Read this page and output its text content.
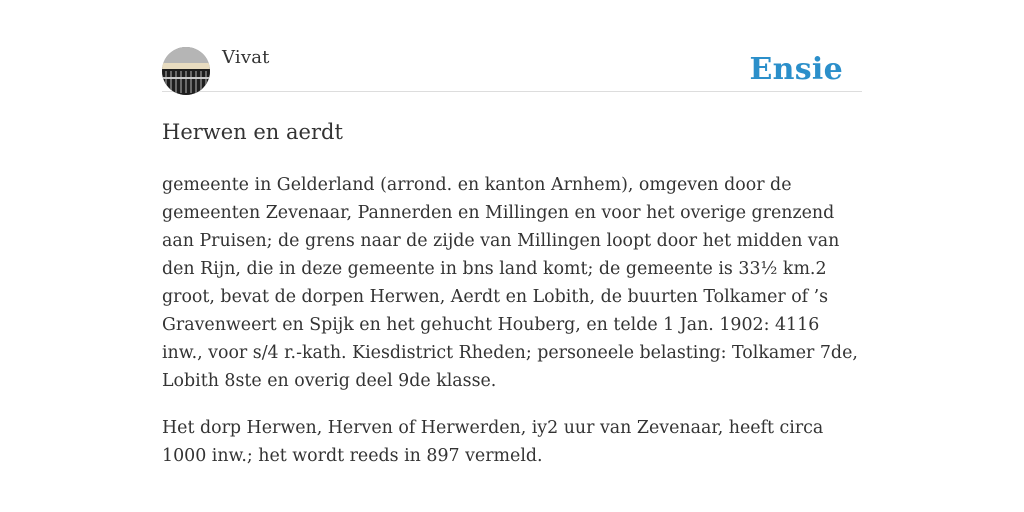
Vivat	Ensie
Herwen en aerdt

gemeente in Gelderland (arrond. en kanton Arnhem), omgeven door de gemeenten Zevenaar, Pannerden en Millingen en voor het overige grenzend aan Pruisen; de grens naar de zijde van Millingen loopt door het midden van den Rijn, die in deze gemeente in bns land komt; de gemeente is 33½ km.2 groot, bevat de dorpen Herwen, Aerdt en Lobith, de buurten Tolkamer of ’s Gravenweert en Spijk en het gehucht Houberg, en telde 1 Jan. 1902: 4116 inw., voor s/4 r.-kath. Kiesdistrict Rheden; personeele belasting: Tolkamer 7de, Lobith 8ste en overig deel 9de klasse.

Het dorp Herwen, Herven of Herwerden, iy2 uur van Zevenaar, heeft circa 1000 inw.; het wordt reeds in 897 vermeld.
